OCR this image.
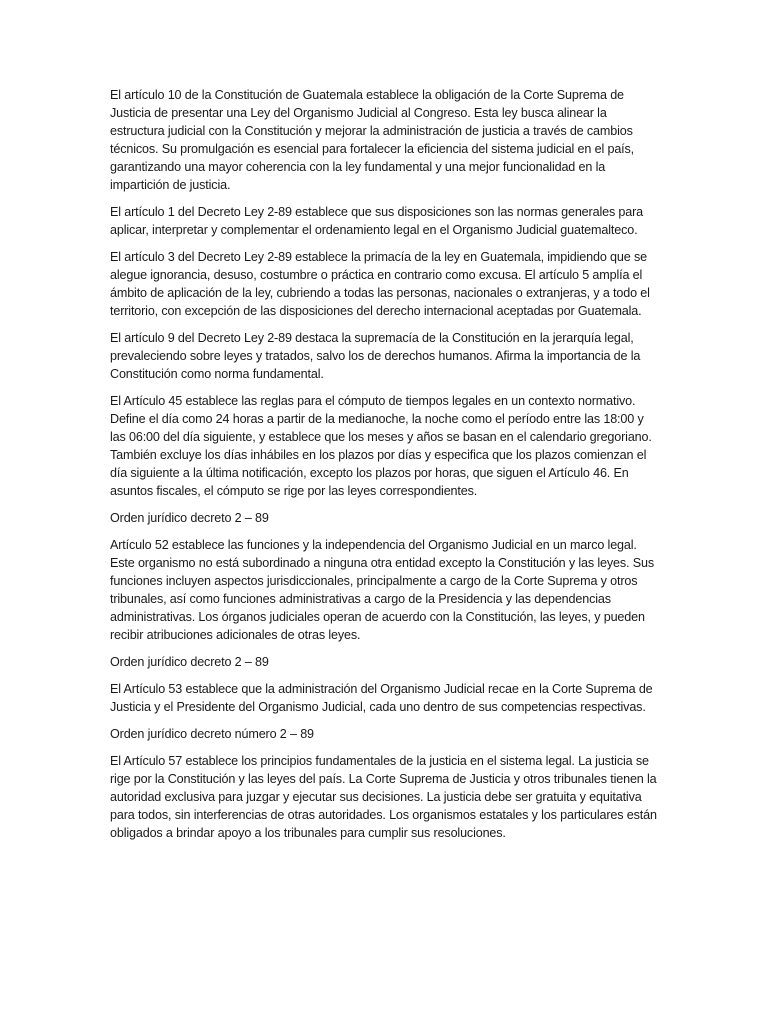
El artículo 10 de la Constitución de Guatemala establece la obligación de la Corte Suprema de Justicia de presentar una Ley del Organismo Judicial al Congreso. Esta ley busca alinear la estructura judicial con la Constitución y mejorar la administración de justicia a través de cambios técnicos. Su promulgación es esencial para fortalecer la eficiencia del sistema judicial en el país, garantizando una mayor coherencia con la ley fundamental y una mejor funcionalidad en la impartición de justicia.

El artículo 1 del Decreto Ley 2-89 establece que sus disposiciones son las normas generales para aplicar, interpretar y complementar el ordenamiento legal en el Organismo Judicial guatemalteco.

El artículo 3 del Decreto Ley 2-89 establece la primacía de la ley en Guatemala, impidiendo que se alegue ignorancia, desuso, costumbre o práctica en contrario como excusa. El artículo 5 amplía el ámbito de aplicación de la ley, cubriendo a todas las personas, nacionales o extranjeras, y a todo el territorio, con excepción de las disposiciones del derecho internacional aceptadas por Guatemala.

El artículo 9 del Decreto Ley 2-89 destaca la supremacía de la Constitución en la jerarquía legal, prevaleciendo sobre leyes y tratados, salvo los de derechos humanos. Afirma la importancia de la Constitución como norma fundamental.

El Artículo 45 establece las reglas para el cómputo de tiempos legales en un contexto normativo. Define el día como 24 horas a partir de la medianoche, la noche como el período entre las 18:00 y las 06:00 del día siguiente, y establece que los meses y años se basan en el calendario gregoriano. También excluye los días inhábiles en los plazos por días y especifica que los plazos comienzan el día siguiente a la última notificación, excepto los plazos por horas, que siguen el Artículo 46. En asuntos fiscales, el cómputo se rige por las leyes correspondientes.

Orden jurídico decreto 2 – 89

Artículo 52 establece las funciones y la independencia del Organismo Judicial en un marco legal. Este organismo no está subordinado a ninguna otra entidad excepto la Constitución y las leyes. Sus funciones incluyen aspectos jurisdiccionales, principalmente a cargo de la Corte Suprema y otros tribunales, así como funciones administrativas a cargo de la Presidencia y las dependencias administrativas. Los órganos judiciales operan de acuerdo con la Constitución, las leyes, y pueden recibir atribuciones adicionales de otras leyes.

Orden jurídico decreto 2 – 89

El Artículo 53 establece que la administración del Organismo Judicial recae en la Corte Suprema de Justicia y el Presidente del Organismo Judicial, cada uno dentro de sus competencias respectivas.

Orden jurídico decreto número 2 – 89

El Artículo 57 establece los principios fundamentales de la justicia en el sistema legal. La justicia se rige por la Constitución y las leyes del país. La Corte Suprema de Justicia y otros tribunales tienen la autoridad exclusiva para juzgar y ejecutar sus decisiones. La justicia debe ser gratuita y equitativa para todos, sin interferencias de otras autoridades. Los organismos estatales y los particulares están obligados a brindar apoyo a los tribunales para cumplir sus resoluciones.
